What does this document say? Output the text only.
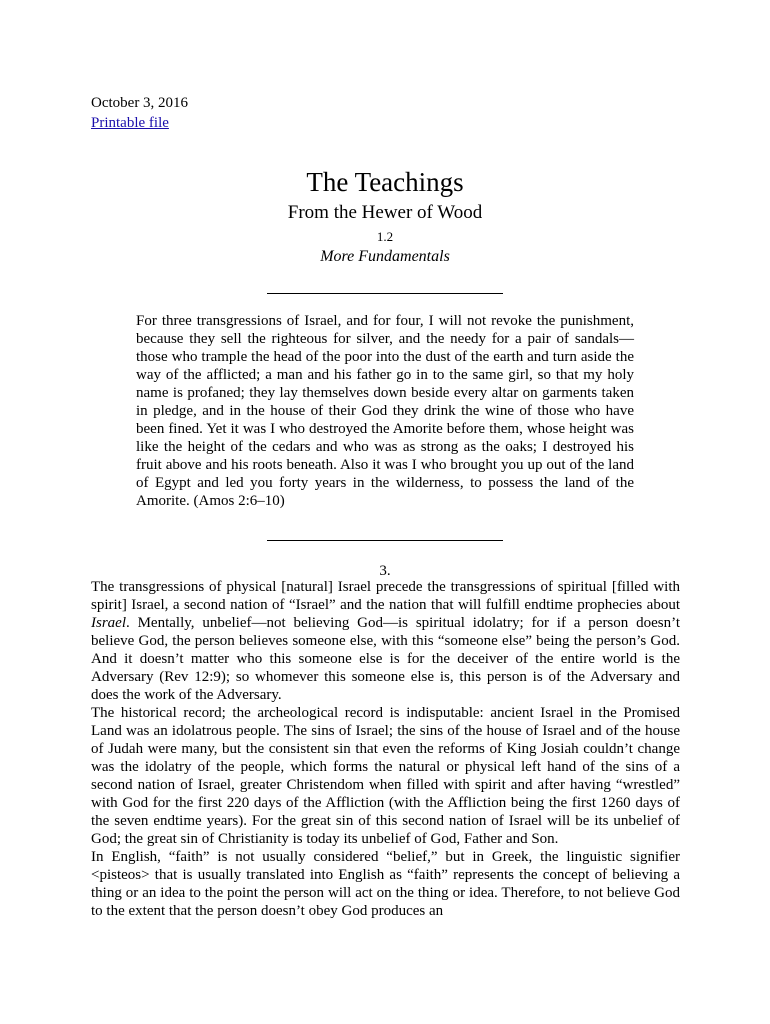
October 3, 2016
Printable file
The Teachings
From the Hewer of Wood
1.2
More Fundamentals
For three transgressions of Israel, and for four, I will not revoke the punishment, because they sell the righteous for silver, and the needy for a pair of sandals—those who trample the head of the poor into the dust of the earth and turn aside the way of the afflicted; a man and his father go in to the same girl, so that my holy name is profaned; they lay themselves down beside every altar on garments taken in pledge, and in the house of their God they drink the wine of those who have been fined. Yet it was I who destroyed the Amorite before them, whose height was like the height of the cedars and who was as strong as the oaks; I destroyed his fruit above and his roots beneath. Also it was I who brought you up out of the land of Egypt and led you forty years in the wilderness, to possess the land of the Amorite. (Amos 2:6–10)
3.

The transgressions of physical [natural] Israel precede the transgressions of spiritual [filled with spirit] Israel, a second nation of “Israel” and the nation that will fulfill endtime prophecies about Israel. Mentally, unbelief—not believing God—is spiritual idolatry; for if a person doesn’t believe God, the person believes someone else, with this “someone else” being the person’s God. And it doesn’t matter who this someone else is for the deceiver of the entire world is the Adversary (Rev 12:9); so whomever this someone else is, this person is of the Adversary and does the work of the Adversary.

The historical record; the archeological record is indisputable: ancient Israel in the Promised Land was an idolatrous people. The sins of Israel; the sins of the house of Israel and of the house of Judah were many, but the consistent sin that even the reforms of King Josiah couldn’t change was the idolatry of the people, which forms the natural or physical left hand of the sins of a second nation of Israel, greater Christendom when filled with spirit and after having “wrestled” with God for the first 220 days of the Affliction (with the Affliction being the first 1260 days of the seven endtime years). For the great sin of this second nation of Israel will be its unbelief of God; the great sin of Christianity is today its unbelief of God, Father and Son.

In English, “faith” is not usually considered “belief,” but in Greek, the linguistic signifier <pisteos> that is usually translated into English as “faith” represents the concept of believing a thing or an idea to the point the person will act on the thing or idea. Therefore, to not believe God to the extent that the person doesn’t obey God produces an
